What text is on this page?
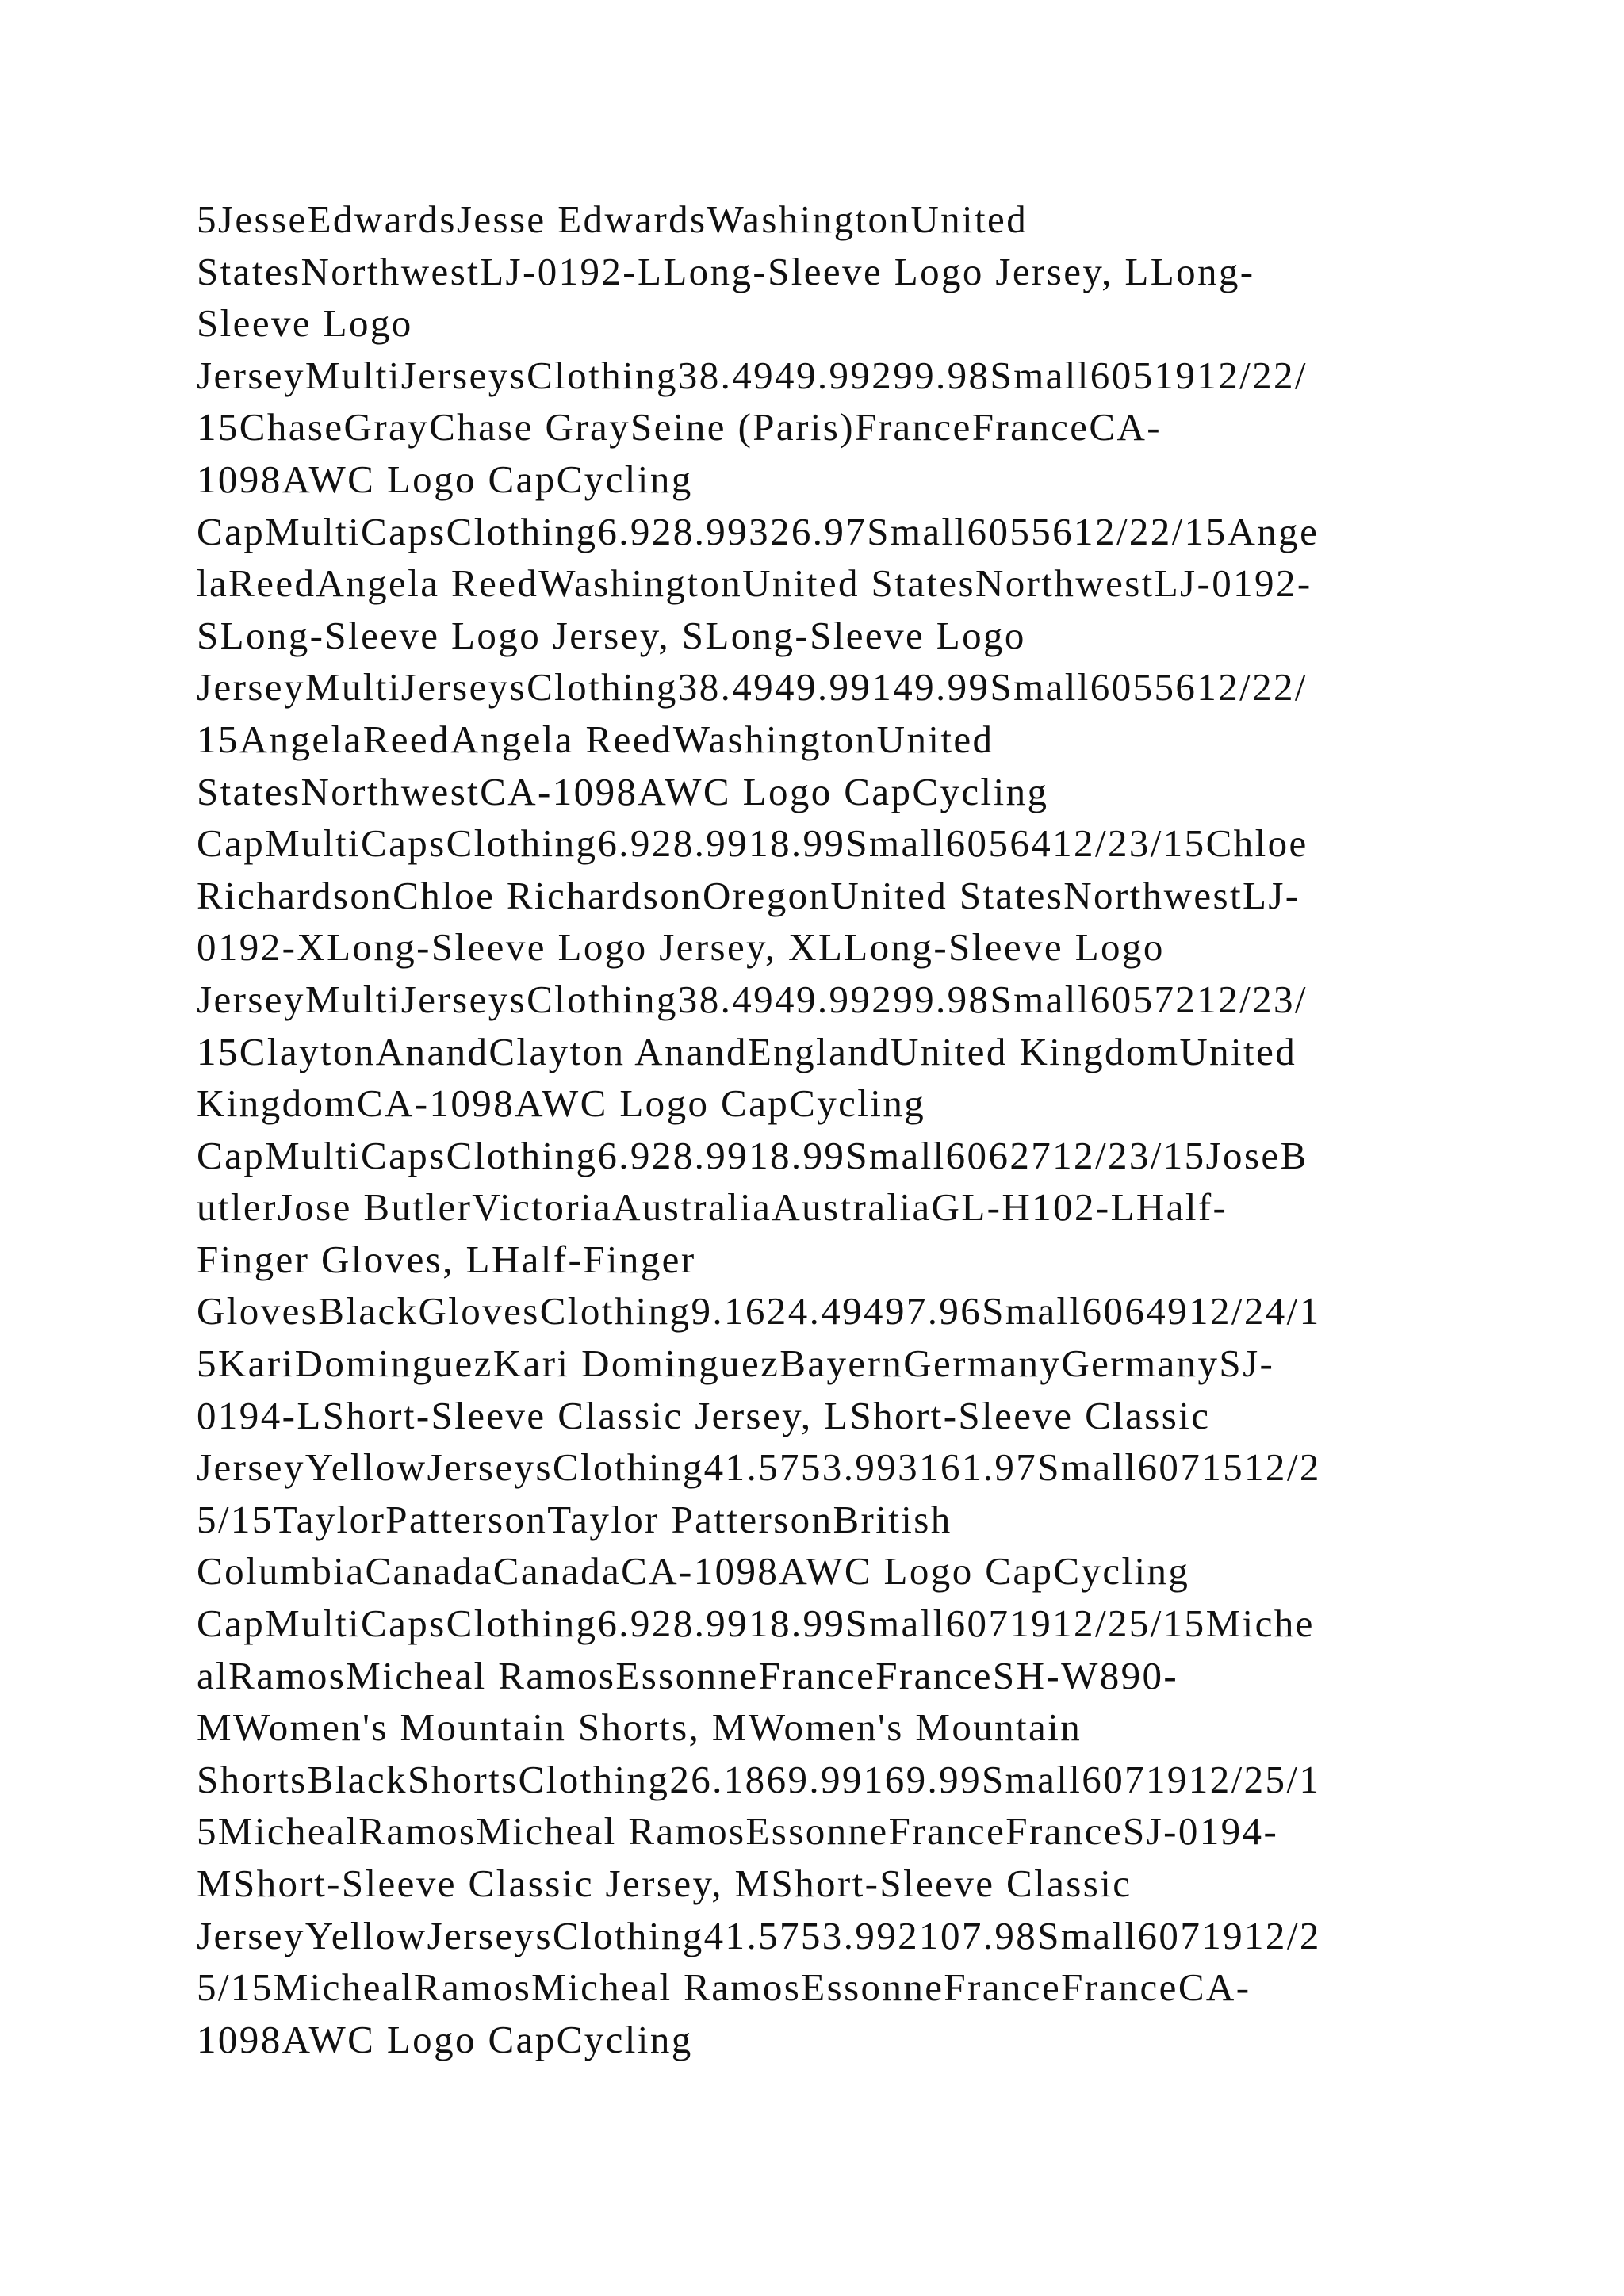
5JesseEdwardsJesse EdwardsWashingtonUnited
StatesNorthwestLJ-0192-LLong-Sleeve Logo Jersey, LLong-
Sleeve Logo
JerseyMultiJerseysClothing38.4949.99299.98Small6051912/22/
15ChaseGrayChase GraySeine (Paris)FranceFranceCA-
1098AWC Logo CapCycling
CapMultiCapsClothing6.928.99326.97Small6055612/22/15Ange
laReedAngela ReedWashingtonUnited StatesNorthwestLJ-0192-
SLong-Sleeve Logo Jersey, SLong-Sleeve Logo
JerseyMultiJerseysClothing38.4949.99149.99Small6055612/22/
15AngelaReedAngela ReedWashingtonUnited
StatesNorthwestCA-1098AWC Logo CapCycling
CapMultiCapsClothing6.928.9918.99Small6056412/23/15Chloe
RichardsonChloe RichardsonOregonUnited StatesNorthwestLJ-
0192-XLong-Sleeve Logo Jersey, XLLong-Sleeve Logo
JerseyMultiJerseysClothing38.4949.99299.98Small6057212/23/
15ClaytonAnandClayton AnandEnglandUnited KingdomUnited
KingdomCA-1098AWC Logo CapCycling
CapMultiCapsClothing6.928.9918.99Small6062712/23/15JoseB
utlerJose ButlerVictoriaAustraliaAustraliaGL-H102-LHalf-
Finger Gloves, LHalf-Finger
GlovesBlackGlovesClothing9.1624.49497.96Small6064912/24/1
5KariDominguezKari DominguezBayernGermanyGermanySJ-
0194-LShort-Sleeve Classic Jersey, LShort-Sleeve Classic
JerseyYellowJerseysClothing41.5753.993161.97Small6071512/2
5/15TaylorPattersonTaylor PattersonBritish
ColumbiaCanadaCanadaCA-1098AWC Logo CapCycling
CapMultiCapsClothing6.928.9918.99Small6071912/25/15Miche
alRamosMicheal RamosEssonneFranceFranceSH-W890-
MWomen's Mountain Shorts, MWomen's Mountain
ShortsBlackShortsClothing26.1869.99169.99Small6071912/25/1
5MichealRamosMicheal RamosEssonneFranceFranceSJ-0194-
MShort-Sleeve Classic Jersey, MShort-Sleeve Classic
JerseyYellowJerseysClothing41.5753.992107.98Small6071912/2
5/15MichealRamosMicheal RamosEssonneFranceFranceCA-
1098AWC Logo CapCycling
